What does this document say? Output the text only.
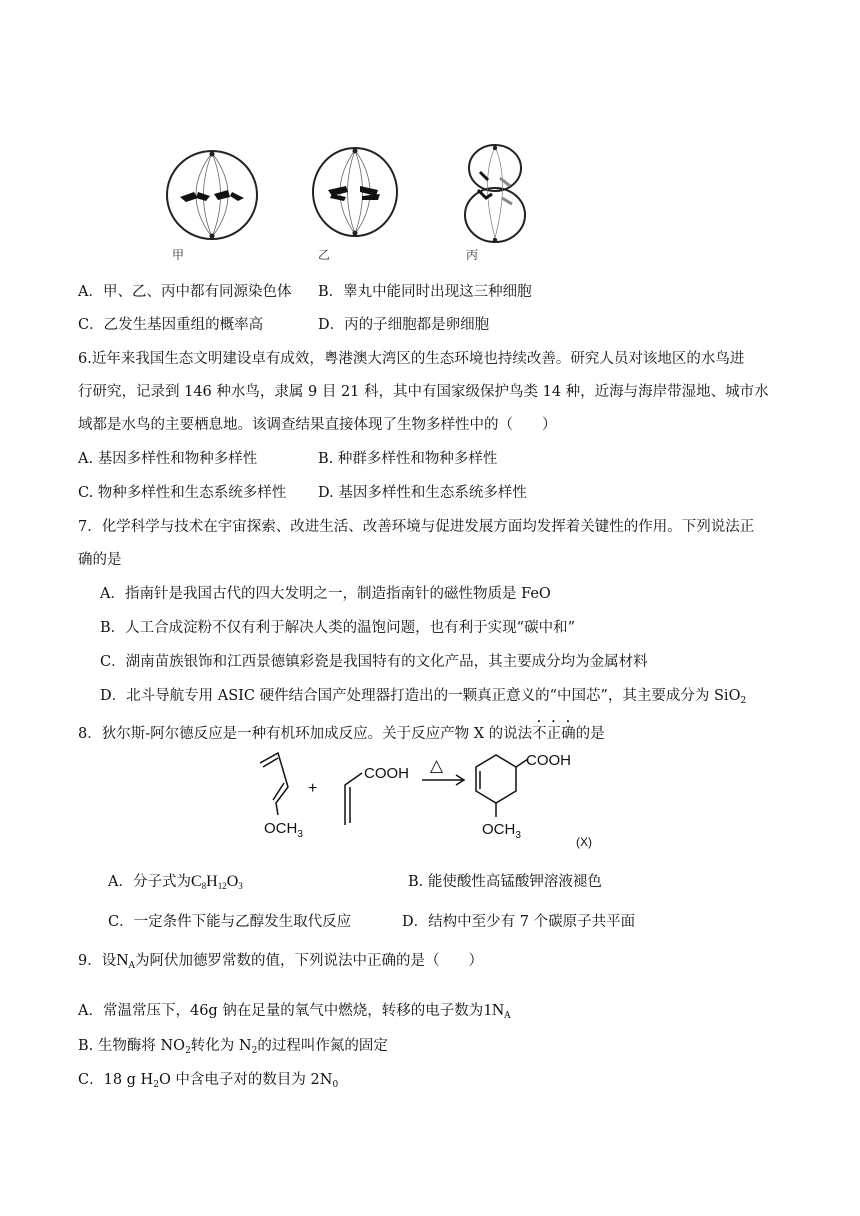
甲	乙	丙
A．甲、乙、丙中都有同源染色体 B．睾丸中能同时出现这三种细胞
C．乙发生基因重组的概率高	D．丙的子细胞都是卵细胞
6.近年来我国生态文明建设卓有成效，粤港澳大湾区的生态环境也持续改善。研究人员对该地区的水鸟进
行研究，记录到 146 种水鸟，隶属 9 目 21 科，其中有国家级保护鸟类 14 种，近海与海岸带湿地、城市水
域都是水鸟的主要栖息地。该调查结果直接体现了生物多样性中的（　　）
A. 基因多样性和物种多样性	B. 种群多样性和物种多样性
C. 物种多样性和生态系统多样性 D. 基因多样性和生态系统多样性
7．化学科学与技术在宇宙探索、改进生活、改善环境与促进发展方面均发挥着关键性的作用。下列说法正
确的是
A．指南针是我国古代的四大发明之一，制造指南针的磁性物质是 FeO
B．人工合成淀粉不仅有利于解决人类的温饱问题，也有利于实现“碳中和”
C．湖南苗族银饰和江西景德镇彩瓷是我国特有的文化产品，其主要成分均为金属材料
D．北斗导航专用 ASIC 硬件结合国产处理器打造出的一颗真正意义的“中国芯”，其主要成分为 SiO$_2$
8．狄尔斯-阿尔德反应是一种有机环加成反应。关于反应产物 X 的说法不正确的是
$OCH_3$
+
COOH △	COOH
$OCH_3$	(X)
A．分子式为$C_8H_{12}O_3$	B. 能使酸性高锰酸钾溶液褪色
C．一定条件下能与乙醇发生取代反应	D．结构中至少有 7 个碳原子共平面
9．设$N_A$为阿伏加德罗常数的值，下列说法中正确的是（　　）
A．常温常压下，46g 钠在足量的氧气中燃烧，转移的电子数为$1N_A$
B. 生物酶将 $NO_2$转化为 $N_2$的过程叫作氮的固定
C．18 g $H_2O$ 中含电子对的数目为 $2N_0$
